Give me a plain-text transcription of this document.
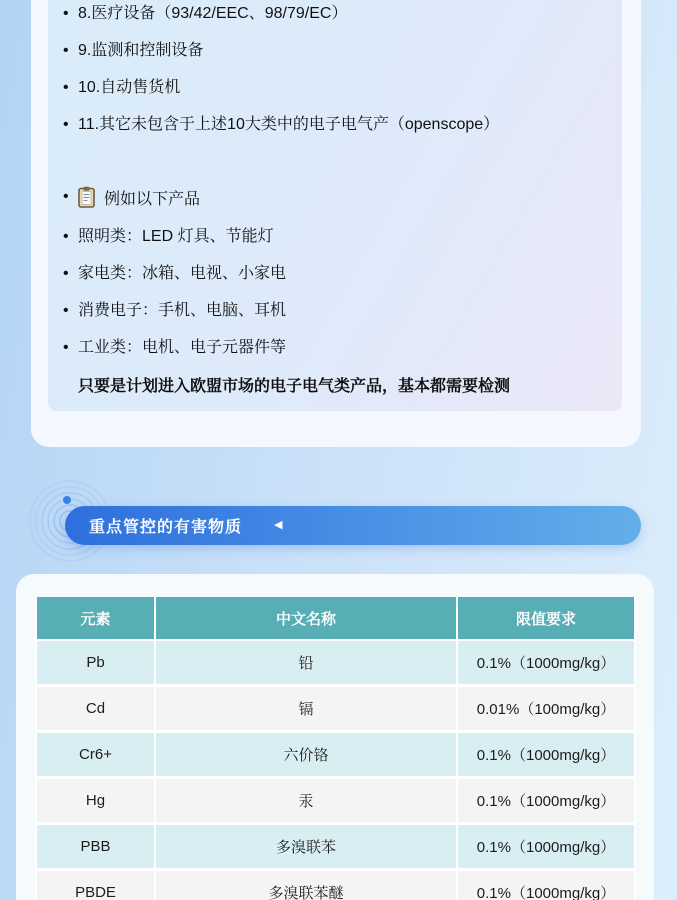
• 8.医疗设备（93/42/EEC、98/79/EC）
• 9.监测和控制设备
• 10.自动售货机
• 11.其它未包含于上述10大类中的电子电气产（openscope）
• 例如以下产品
• 照明类：LED 灯具、节能灯
• 家电类：冰箱、电视、小家电
• 消费电子：手机、电脑、耳机
• 工业类：电机、电子元器件等
只要是计划进入欧盟市场的电子电气类产品，基本都需要检测
重点管控的有害物质	◀
元素	中文名称	限值要求
Pb	铅	0.1%（1000mg/kg）
Cd	镉	0.01%（100mg/kg）
Cr6+	六价铬	0.1%（1000mg/kg）
Hg	汞	0.1%（1000mg/kg）
PBB	多溴联苯	0.1%（1000mg/kg）
PBDE	多溴联苯醚	0.1%（1000mg/kg）
